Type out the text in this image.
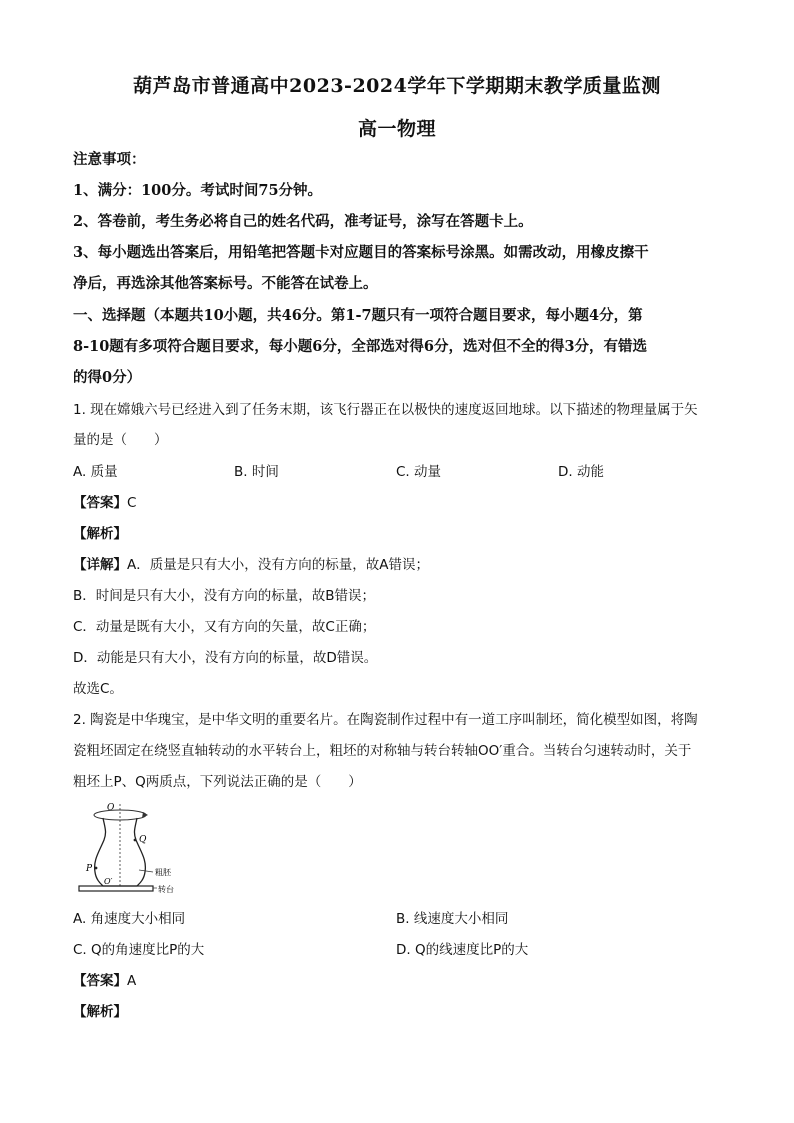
葫芦岛市普通高中2023-2024学年下学期期末教学质量监测
高一物理
注意事项：
1、满分：100分。考试时间75分钟。
2、答卷前，考生务必将自己的姓名代码，准考证号，涂写在答题卡上。
3、每小题选出答案后，用铅笔把答题卡对应题目的答案标号涂黑。如需改动，用橡皮擦干
净后，再选涂其他答案标号。不能答在试卷上。
一、选择题（本题共10小题，共46分。第1-7题只有一项符合题目要求，每小题4分，第
8-10题有多项符合题目要求，每小题6分，全部选对得6分，选对但不全的得3分，有错选
的得0分）
1. 现在嫦娥六号已经进入到了任务末期，该飞行器正在以极快的速度返回地球。以下描述的物理量属于矢
量的是（　　）
A. 质量	B. 时间	C. 动量	D. 动能
【答案】C
【解析】
【详解】A．质量是只有大小，没有方向的标量，故A错误；
B．时间是只有大小，没有方向的标量，故B错误；
C．动量是既有大小，又有方向的矢量，故C正确；
D．动能是只有大小，没有方向的标量，故D错误。
故选C。
2. 陶瓷是中华瑰宝，是中华文明的重要名片。在陶瓷制作过程中有一道工序叫制坯，简化模型如图，将陶
瓷粗坯固定在绕竖直轴转动的水平转台上，粗坯的对称轴与转台转轴OO′重合。当转台匀速转动时，关于
粗坯上P、Q两质点，下列说法正确的是（　　）
O
P
Q
O′
粗胚
转台
A. 角速度大小相同	B. 线速度大小相同
C. Q的角速度比P的大	D. Q的线速度比P的大
【答案】A
【解析】
